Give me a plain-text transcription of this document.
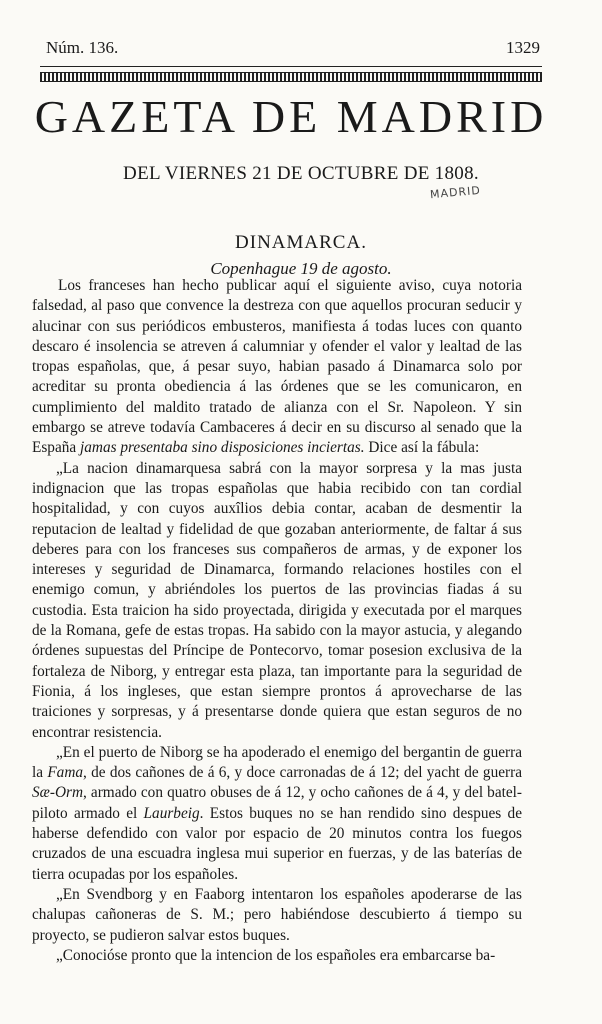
Núm. 136.	1329
GAZETA DE MADRID
DEL VIERNES 21 DE OCTUBRE DE 1808.
MADRID
DINAMARCA.
Copenhague 19 de agosto.

Los franceses han hecho publicar aquí el siguiente aviso, cuya notoria falsedad, al paso que convence la destreza con que aquellos procuran seducir y alucinar con sus periódicos embusteros, manifiesta á todas luces con quanto descaro é insolencia se atreven á calumniar y ofender el valor y lealtad de las tropas españolas, que, á pesar suyo, habian pasado á Dinamarca solo por acreditar su pronta obediencia á las órdenes que se les comunicaron, en cumplimiento del maldito tratado de alianza con el Sr. Napoleon. Y sin embargo se atreve todavía Cambaceres á decir en su discurso al senado que la España jamas presentaba sino disposiciones inciertas. Dice así la fábula:

„La nacion dinamarquesa sabrá con la mayor sorpresa y la mas justa indignacion que las tropas españolas que habia recibido con tan cordial hospitalidad, y con cuyos auxîlios debia contar, acaban de desmentir la reputacion de lealtad y fidelidad de que gozaban anteriormente, de faltar á sus deberes para con los franceses sus compañeros de armas, y de exponer los intereses y seguridad de Dinamarca, formando relaciones hostiles con el enemigo comun, y abriéndoles los puertos de las provincias fiadas á su custodia. Esta traicion ha sido proyectada, dirigida y executada por el marques de la Romana, gefe de estas tropas. Ha sabido con la mayor astucia, y alegando órdenes supuestas del Príncipe de Pontecorvo, tomar posesion exclusiva de la fortaleza de Niborg, y entregar esta plaza, tan importante para la seguridad de Fionia, á los ingleses, que estan siempre prontos á aprovecharse de las traiciones y sorpresas, y á presentarse donde quiera que estan seguros de no encontrar resistencia.

„En el puerto de Niborg se ha apoderado el enemigo del bergantin de guerra la Fama, de dos cañones de á 6, y doce carronadas de á 12; del yacht de guerra Sæ-Orm, armado con quatro obuses de á 12, y ocho cañones de á 4, y del batel-piloto armado el Laurbeig. Estos buques no se han rendido sino despues de haberse defendido con valor por espacio de 20 minutos contra los fuegos cruzados de una escuadra inglesa mui superior en fuerzas, y de las baterías de tierra ocupadas por los españoles.

„En Svendborg y en Faaborg intentaron los españoles apoderarse de las chalupas cañoneras de S. M.; pero habiéndose descubierto á tiempo su proyecto, se pudieron salvar estos buques.

„Conocióse pronto que la intencion de los españoles era embarcarse ba-
